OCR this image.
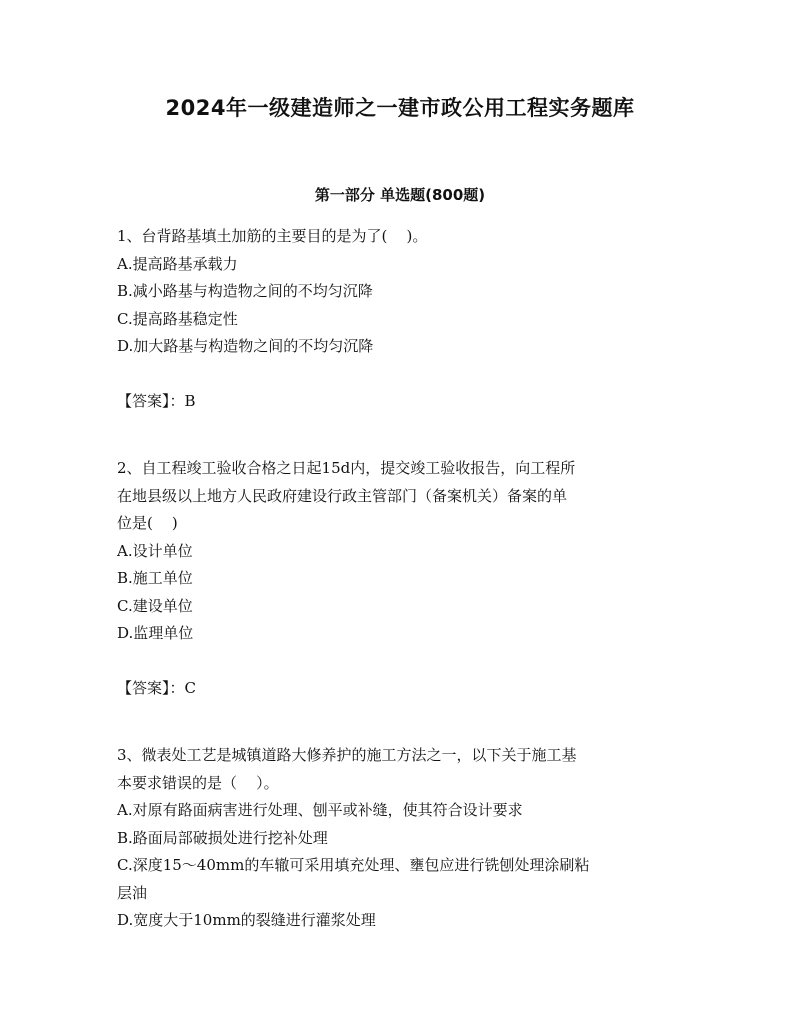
2024年一级建造师之一建市政公用工程实务题库
第一部分 单选题(800题)

1、台背路基填土加筋的主要目的是为了(    )。

A.提高路基承载力

B.减小路基与构造物之间的不均匀沉降

C.提高路基稳定性

D.加大路基与构造物之间的不均匀沉降

【答案】：B

2、自工程竣工验收合格之日起15d内，提交竣工验收报告，向工程所

在地县级以上地方人民政府建设行政主管部门（备案机关）备案的单

位是(    )

A.设计单位

B.施工单位

C.建设单位

D.监理单位

【答案】：C

3、微表处工艺是城镇道路大修养护的施工方法之一，以下关于施工基

本要求错误的是（    ）。

A.对原有路面病害进行处理、刨平或补缝，使其符合设计要求

B.路面局部破损处进行挖补处理

C.深度15～40mm的车辙可采用填充处理、壅包应进行铣刨处理涂刷粘
层油

D.宽度大于10mm的裂缝进行灌浆处理
